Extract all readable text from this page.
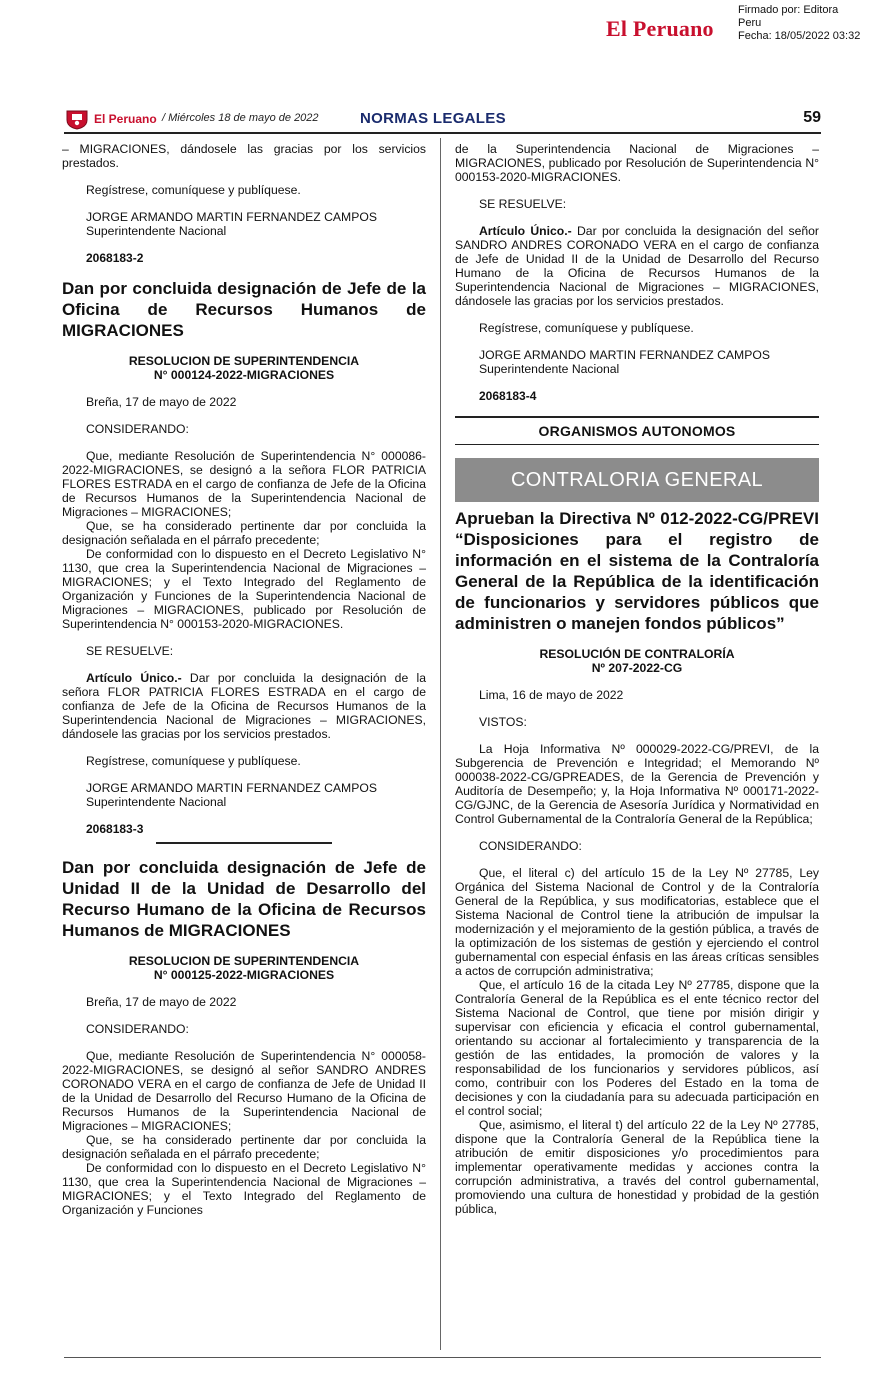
El Peruano
Firmado por: Editora
Peru
Fecha: 18/05/2022 03:32
El Peruano / Miércoles 18 de mayo de 2022	NORMAS LEGALES	59

– MIGRACIONES, dándosele las gracias por los servicios prestados.

Regístrese, comuníquese y publíquese.

JORGE ARMANDO MARTIN FERNANDEZ CAMPOS

Superintendente Nacional

2068183-2

Dan por concluida designación de Jefe de la Oficina de Recursos Humanos de MIGRACIONES

RESOLUCION DE SUPERINTENDENCIA

N° 000124-2022-MIGRACIONES

Breña, 17 de mayo de 2022

CONSIDERANDO:

Que, mediante Resolución de Superintendencia N° 000086-2022-MIGRACIONES, se designó a la señora FLOR PATRICIA FLORES ESTRADA en el cargo de confianza de Jefe de la Oficina de Recursos Humanos de la Superintendencia Nacional de Migraciones – MIGRACIONES;

Que, se ha considerado pertinente dar por concluida la designación señalada en el párrafo precedente;

De conformidad con lo dispuesto en el Decreto Legislativo N° 1130, que crea la Superintendencia Nacional de Migraciones – MIGRACIONES; y el Texto Integrado del Reglamento de Organización y Funciones de la Superintendencia Nacional de Migraciones – MIGRACIONES, publicado por Resolución de Superintendencia N° 000153-2020-MIGRACIONES.

SE RESUELVE:

Artículo Único.- Dar por concluida la designación de la señora FLOR PATRICIA FLORES ESTRADA en el cargo de confianza de Jefe de la Oficina de Recursos Humanos de la Superintendencia Nacional de Migraciones – MIGRACIONES, dándosele las gracias por los servicios prestados.

Regístrese, comuníquese y publíquese.

JORGE ARMANDO MARTIN FERNANDEZ CAMPOS

Superintendente Nacional

2068183-3

Dan por concluida designación de Jefe de Unidad II de la Unidad de Desarrollo del Recurso Humano de la Oficina de Recursos Humanos de MIGRACIONES

RESOLUCION DE SUPERINTENDENCIA

N° 000125-2022-MIGRACIONES

Breña, 17 de mayo de 2022

CONSIDERANDO:

Que, mediante Resolución de Superintendencia N° 000058-2022-MIGRACIONES, se designó al señor SANDRO ANDRES CORONADO VERA en el cargo de confianza de Jefe de Unidad II de la Unidad de Desarrollo del Recurso Humano de la Oficina de Recursos Humanos de la Superintendencia Nacional de Migraciones – MIGRACIONES;

Que, se ha considerado pertinente dar por concluida la designación señalada en el párrafo precedente;

De conformidad con lo dispuesto en el Decreto Legislativo N° 1130, que crea la Superintendencia Nacional de Migraciones – MIGRACIONES; y el Texto Integrado del Reglamento de Organización y Funciones

de la Superintendencia Nacional de Migraciones – MIGRACIONES, publicado por Resolución de Superintendencia N° 000153-2020-MIGRACIONES.

SE RESUELVE:

Artículo Único.- Dar por concluida la designación del señor SANDRO ANDRES CORONADO VERA en el cargo de confianza de Jefe de Unidad II de la Unidad de Desarrollo del Recurso Humano de la Oficina de Recursos Humanos de la Superintendencia Nacional de Migraciones – MIGRACIONES, dándosele las gracias por los servicios prestados.

Regístrese, comuníquese y publíquese.

JORGE ARMANDO MARTIN FERNANDEZ CAMPOS

Superintendente Nacional

2068183-4

ORGANISMOS AUTONOMOS
CONTRALORIA GENERAL
Aprueban la Directiva Nº 012-2022-CG/PREVI “Disposiciones para el registro de información en el sistema de la Contraloría General de la República de la identificación de funcionarios y servidores públicos que administren o manejen fondos públicos”

RESOLUCIÓN DE CONTRALORÍA

Nº 207-2022-CG

Lima, 16 de mayo de 2022

VISTOS:

La Hoja Informativa Nº 000029-2022-CG/PREVI, de la Subgerencia de Prevención e Integridad; el Memorando Nº 000038-2022-CG/GPREADES, de la Gerencia de Prevención y Auditoría de Desempeño; y, la Hoja Informativa Nº 000171-2022-CG/GJNC, de la Gerencia de Asesoría Jurídica y Normatividad en Control Gubernamental de la Contraloría General de la República;

CONSIDERANDO:

Que, el literal c) del artículo 15 de la Ley Nº 27785, Ley Orgánica del Sistema Nacional de Control y de la Contraloría General de la República, y sus modificatorias, establece que el Sistema Nacional de Control tiene la atribución de impulsar la modernización y el mejoramiento de la gestión pública, a través de la optimización de los sistemas de gestión y ejerciendo el control gubernamental con especial énfasis en las áreas críticas sensibles a actos de corrupción administrativa;

Que, el artículo 16 de la citada Ley Nº 27785, dispone que la Contraloría General de la República es el ente técnico rector del Sistema Nacional de Control, que tiene por misión dirigir y supervisar con eficiencia y eficacia el control gubernamental, orientando su accionar al fortalecimiento y transparencia de la gestión de las entidades, la promoción de valores y la responsabilidad de los funcionarios y servidores públicos, así como, contribuir con los Poderes del Estado en la toma de decisiones y con la ciudadanía para su adecuada participación en el control social;

Que, asimismo, el literal t) del artículo 22 de la Ley Nº 27785, dispone que la Contraloría General de la República tiene la atribución de emitir disposiciones y/o procedimientos para implementar operativamente medidas y acciones contra la corrupción administrativa, a través del control gubernamental, promoviendo una cultura de honestidad y probidad de la gestión pública,
